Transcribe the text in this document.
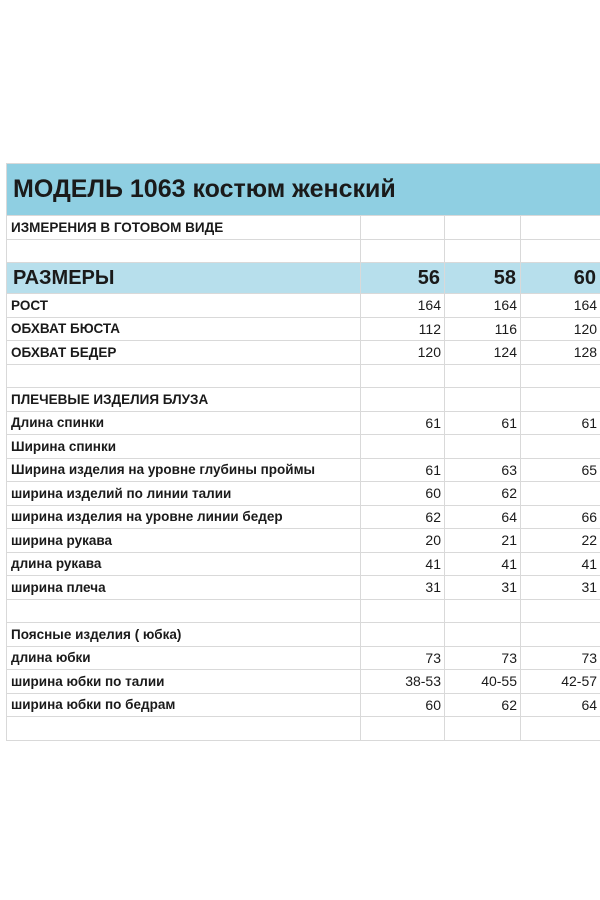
МОДЕЛЬ 1063 костюм женский			
ИЗМЕРЕНИЯ В ГОТОВОМ ВИДЕ			

РАЗМЕРЫ	56	58	60
РОСТ	164	164	164
ОБХВАТ БЮСТА	112	116	120
ОБХВАТ БЕДЕР	120	124	128

ПЛЕЧЕВЫЕ ИЗДЕЛИЯ БЛУЗА			
Длина спинки	61	61	61
Ширина спинки			
Ширина изделия на уровне глубины проймы	61	63	65
ширина изделий по линии талии	60	62	
ширина изделия на уровне линии бедер	62	64	66
ширина рукава	20	21	22
длина рукава	41	41	41
ширина плеча	31	31	31

Поясные изделия ( юбка)			
длина юбки	73	73	73
ширина юбки по талии	38-53	40-55	42-57
ширина юбки по бедрам	60	62	64
